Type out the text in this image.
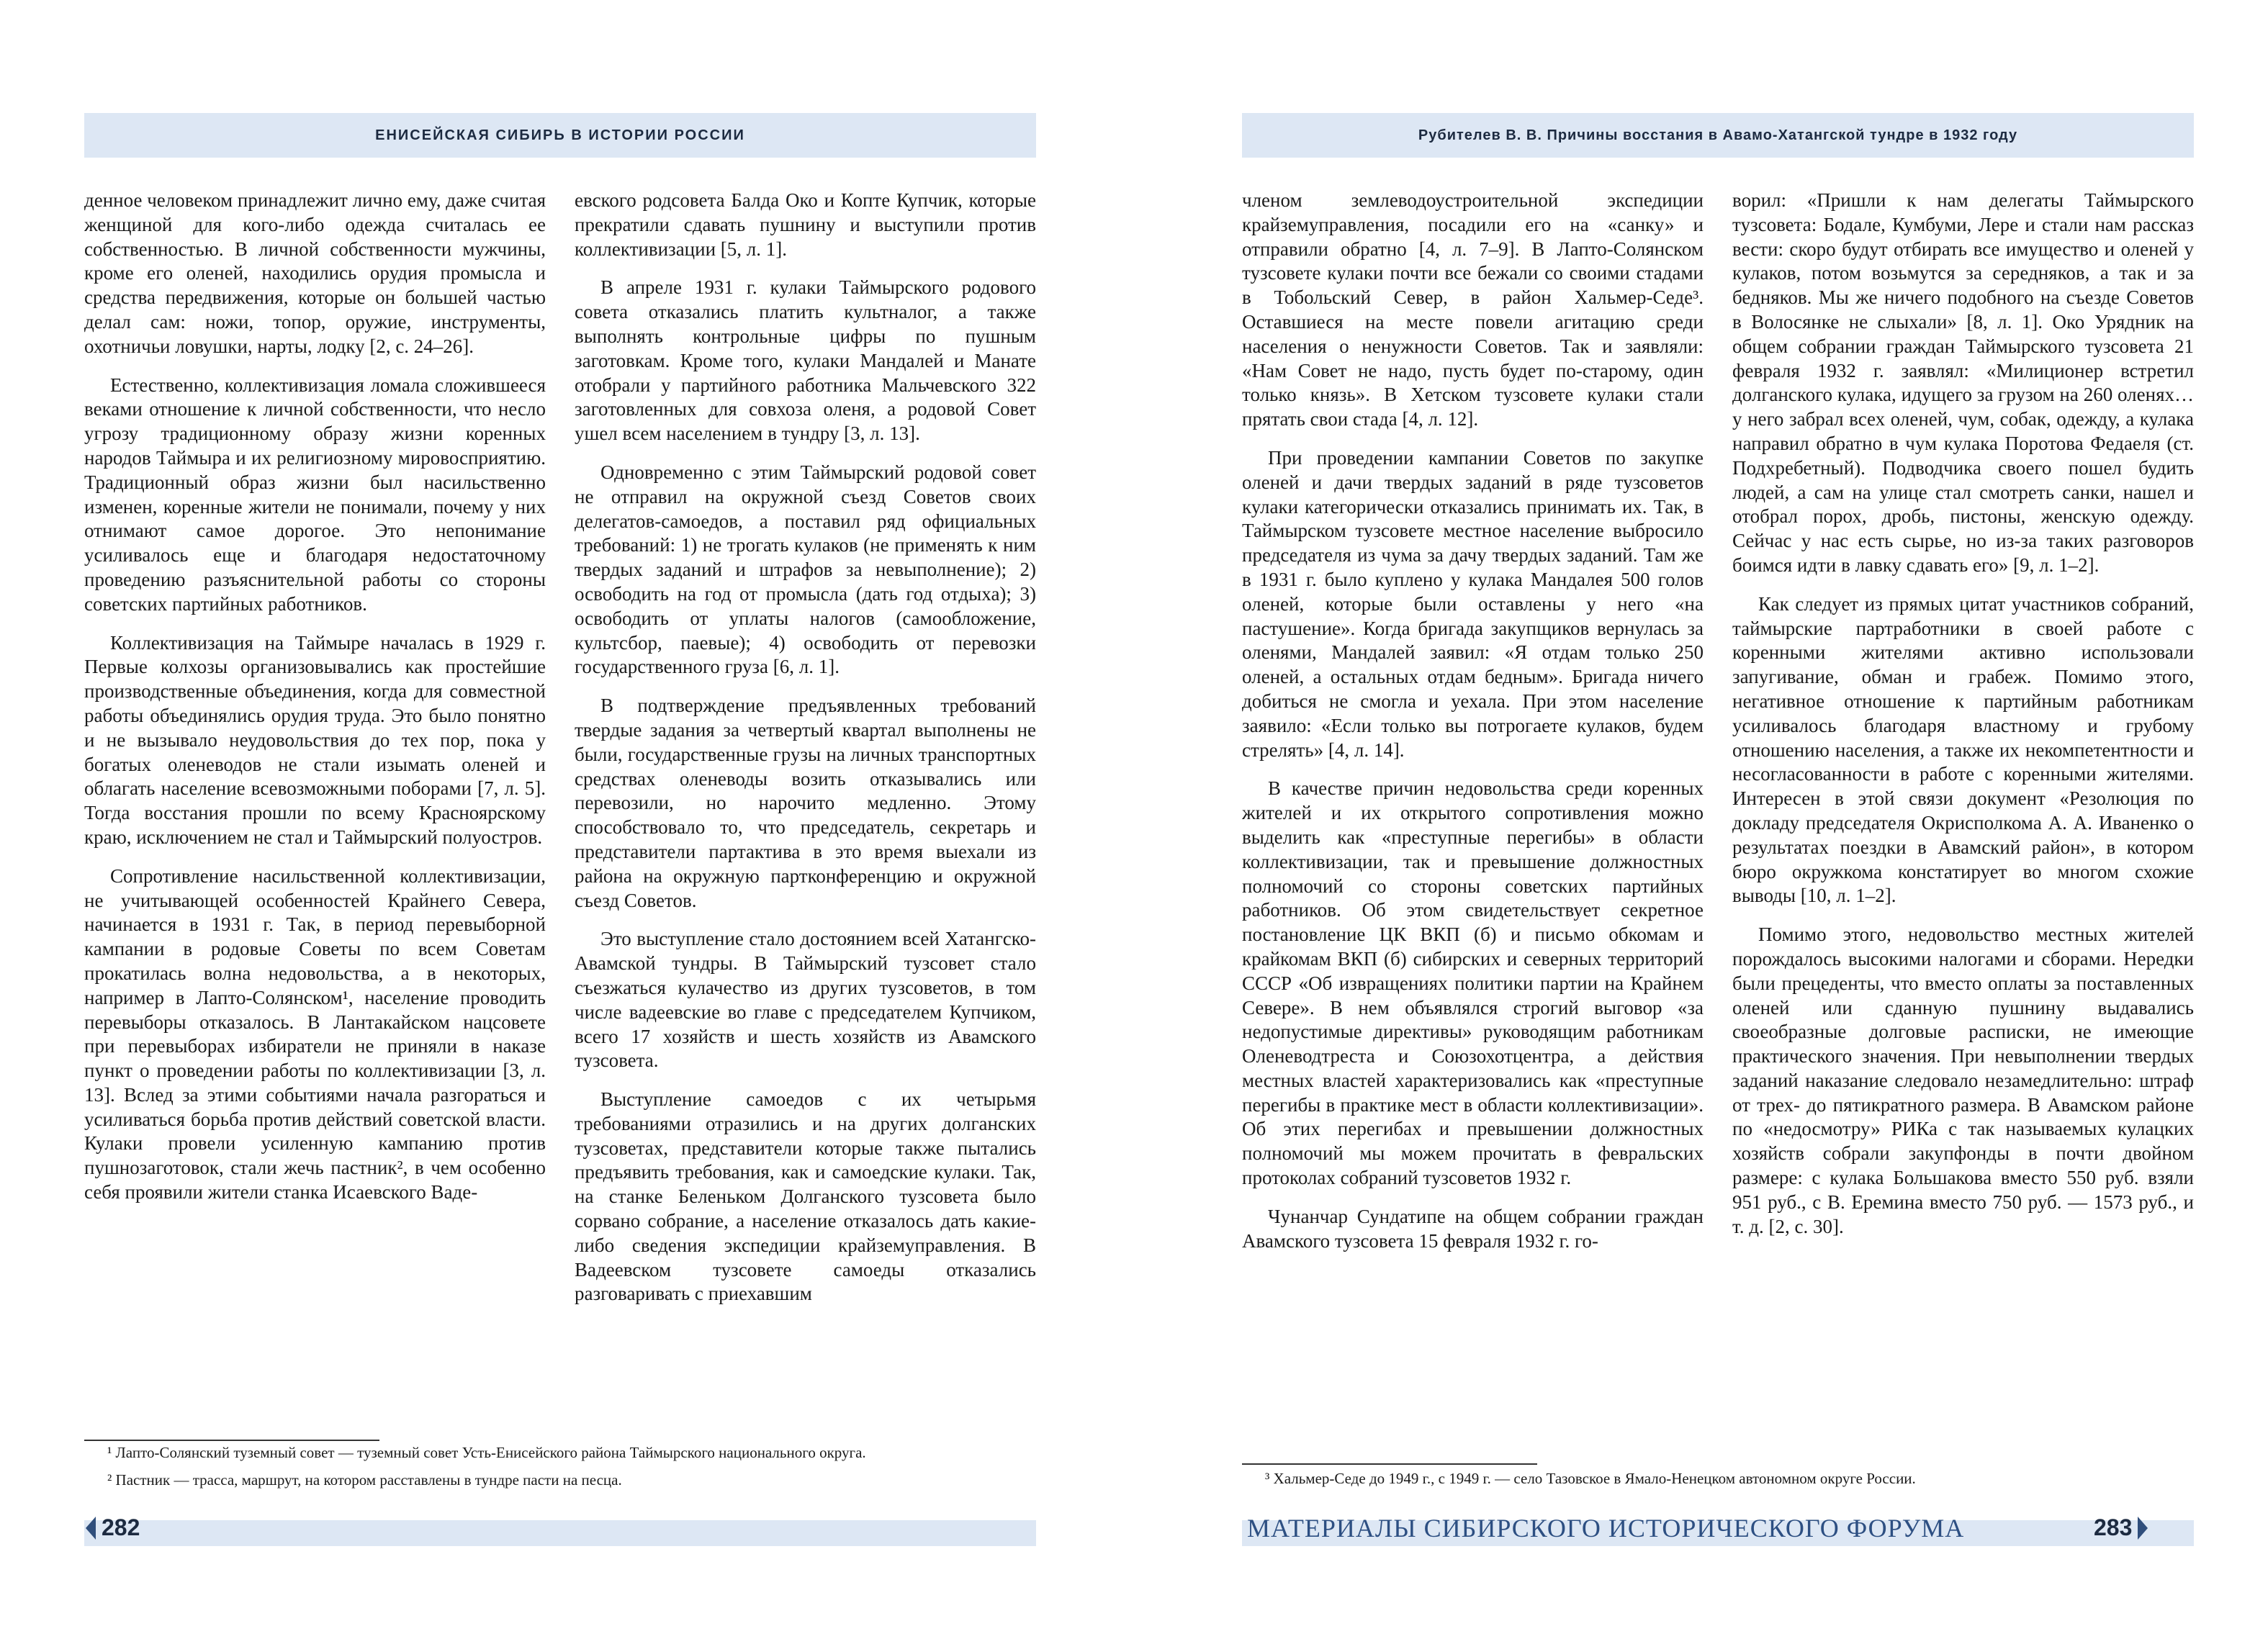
ЕНИСЕЙСКАЯ СИБИРЬ В ИСТОРИИ РОССИИ

денное человеком принадлежит лично ему, даже считая женщиной для кого-либо одежда считалась ее собственностью. В личной собственности мужчины, кроме его оленей, находились орудия промысла и средства передвижения, которые он большей частью делал сам: ножи, топор, оружие, инструменты, охотничьи ловушки, нарты, лодку [2, с. 24–26].

Естественно, коллективизация ломала сложившееся веками отношение к личной собственности, что несло угрозу традиционному образу жизни коренных народов Таймыра и их религиозному мировосприятию. Традиционный образ жизни был насильственно изменен, коренные жители не понимали, почему у них отнимают самое дорогое. Это непонимание усиливалось еще и благодаря недостаточному проведению разъяснительной работы со стороны советских партийных работников.

Коллективизация на Таймыре началась в 1929 г. Первые колхозы организовывались как простейшие производственные объединения, когда для совместной работы объединялись орудия труда. Это было понятно и не вызывало неудовольствия до тех пор, пока у богатых оленеводов не стали изымать оленей и облагать население всевозможными поборами [7, л. 5]. Тогда восстания прошли по всему Красноярскому краю, исключением не стал и Таймырский полуостров.

Сопротивление насильственной коллективизации, не учитывающей особенностей Крайнего Севера, начинается в 1931 г. Так, в период перевыборной кампании в родовые Советы по всем Советам прокатилась волна недовольства, а в некоторых, например в Лапто-Солянском¹, население проводить перевыборы отказалось. В Лантакайском нацсовете при перевыборах избиратели не приняли в наказе пункт о проведении работы по коллективизации [3, л. 13]. Вслед за этими событиями начала разгораться и усиливаться борьба против действий советской власти. Кулаки провели усиленную кампанию против пушнозаготовок, стали жечь пастник², в чем особенно себя проявили жители станка Исаевского Ваде-

евского родсовета Балда Око и Копте Купчик, которые прекратили сдавать пушнину и выступили против коллективизации [5, л. 1].

В апреле 1931 г. кулаки Таймырского родового совета отказались платить культналог, а также выполнять контрольные цифры по пушным заготовкам. Кроме того, кулаки Мандалей и Манате отобрали у партийного работника Мальчевского 322 заготовленных для совхоза оленя, а родовой Совет ушел всем населением в тундру [3, л. 13].

Одновременно с этим Таймырский родовой совет не отправил на окружной съезд Советов своих делегатов-самоедов, а поставил ряд официальных требований: 1) не трогать кулаков (не применять к ним твердых заданий и штрафов за невыполнение); 2) освободить на год от промысла (дать год отдыха); 3) освободить от уплаты налогов (самообложение, культсбор, паевые); 4) освободить от перевозки государственного груза [6, л. 1].

В подтверждение предъявленных требований твердые задания за четвертый квартал выполнены не были, государственные грузы на личных транспортных средствах оленеводы возить отказывались или перевозили, но нарочито медленно. Этому способствовало то, что председатель, секретарь и представители партактива в это время выехали из района на окружную партконференцию и окружной съезд Советов.

Это выступление стало достоянием всей Хатангско-Авамской тундры. В Таймырский тузсовет стало съезжаться кулачество из других тузсоветов, в том числе вадеевские во главе с председателем Купчиком, всего 17 хозяйств и шесть хозяйств из Авамского тузсовета.

Выступление самоедов с их четырьмя требованиями отразились и на других долганских тузсоветах, представители которые также пытались предъявить требования, как и самоедские кулаки. Так, на станке Беленьком Долганского тузсовета было сорвано собрание, а население отказалось дать какие-либо сведения экспедиции крайземуправления. В Вадеевском тузсовете самоеды отказались разговаривать с приехавшим

¹ Лапто-Солянский туземный совет — туземный совет Усть-Енисейского района Таймырского национального округа.
² Пастник — трасса, маршрут, на котором расставлены в тундре пасти на песца.
282
Рубителев В. В. Причины восстания в Авамо-Хатангской тундре в 1932 году

членом землеводоустроительной экспедиции крайземуправления, посадили его на «санку» и отправили обратно [4, л. 7–9]. В Лапто-Солянском тузсовете кулаки почти все бежали со своими стадами в Тобольский Север, в район Хальмер-Седе³. Оставшиеся на месте повели агитацию среди населения о ненужности Советов. Так и заявляли: «Нам Совет не надо, пусть будет по-старому, один только князь». В Хетском тузсовете кулаки стали прятать свои стада [4, л. 12].

При проведении кампании Советов по закупке оленей и дачи твердых заданий в ряде тузсоветов кулаки категорически отказались принимать их. Так, в Таймырском тузсовете местное население выбросило председателя из чума за дачу твердых заданий. Там же в 1931 г. было куплено у кулака Мандалея 500 голов оленей, которые были оставлены у него «на пастушение». Когда бригада закупщиков вернулась за оленями, Мандалей заявил: «Я отдам только 250 оленей, а остальных отдам бедным». Бригада ничего добиться не смогла и уехала. При этом население заявило: «Если только вы потрогаете кулаков, будем стрелять» [4, л. 14].

В качестве причин недовольства среди коренных жителей и их открытого сопротивления можно выделить как «преступные перегибы» в области коллективизации, так и превышение должностных полномочий со стороны советских партийных работников. Об этом свидетельствует секретное постановление ЦК ВКП (б) и письмо обкомам и крайкомам ВКП (б) сибирских и северных территорий СССР «Об извращениях политики партии на Крайнем Севере». В нем объявлялся строгий выговор «за недопустимые директивы» руководящим работникам Оленеводтреста и Союзохотцентра, а действия местных властей характеризовались как «преступные перегибы в практике мест в области коллективизации». Об этих перегибах и превышении должностных полномочий мы можем прочитать в февральских протоколах собраний тузсоветов 1932 г.

Чунанчар Сундатипе на общем собрании граждан Авамского тузсовета 15 февраля 1932 г. го-

ворил: «Пришли к нам делегаты Таймырского тузсовета: Бодале, Кумбуми, Лере и стали нам рассказ вести: скоро будут отбирать все имущество и оленей у кулаков, потом возьмутся за середняков, а так и за бедняков. Мы же ничего подобного на съезде Советов в Волосянке не слыхали» [8, л. 1]. Око Урядник на общем собрании граждан Таймырского тузсовета 21 февраля 1932 г. заявлял: «Милиционер встретил долганского кулака, идущего за грузом на 260 оленях… у него забрал всех оленей, чум, собак, одежду, а кулака направил обратно в чум кулака Поротова Федаеля (ст. Подхребетный). Подводчика своего пошел будить людей, а сам на улице стал смотреть санки, нашел и отобрал порох, дробь, пистоны, женскую одежду. Сейчас у нас есть сырье, но из-за таких разговоров боимся идти в лавку сдавать его» [9, л. 1–2].

Как следует из прямых цитат участников собраний, таймырские партработники в своей работе с коренными жителями активно использовали запугивание, обман и грабеж. Помимо этого, негативное отношение к партийным работникам усиливалось благодаря властному и грубому отношению населения, а также их некомпетентности и несогласованности в работе с коренными жителями. Интересен в этой связи документ «Резолюция по докладу председателя Окрисполкома А. А. Иваненко о результатах поездки в Авамский район», в котором бюро окружкома констатирует во многом схожие выводы [10, л. 1–2].

Помимо этого, недовольство местных жителей порождалось высокими налогами и сборами. Нередки были прецеденты, что вместо оплаты за поставленных оленей или сданную пушнину выдавались своеобразные долговые расписки, не имеющие практического значения. При невыполнении твердых заданий наказание следовало незамедлительно: штраф от трех- до пятикратного размера. В Авамском районе по «недосмотру» РИКа с так называемых кулацких хозяйств собрали закупфонды в почти двойном размере: с кулака Большакова вместо 550 руб. взяли 951 руб., с В. Еремина вместо 750 руб. — 1573 руб., и т. д. [2, с. 30].

³ Хальмер-Седе до 1949 г., с 1949 г. — село Тазовское в Ямало-Ненецком автономном округе России.
МАТЕРИАЛЫ СИБИРСКОГО ИСТОРИЧЕСКОГО ФОРУМА	283
